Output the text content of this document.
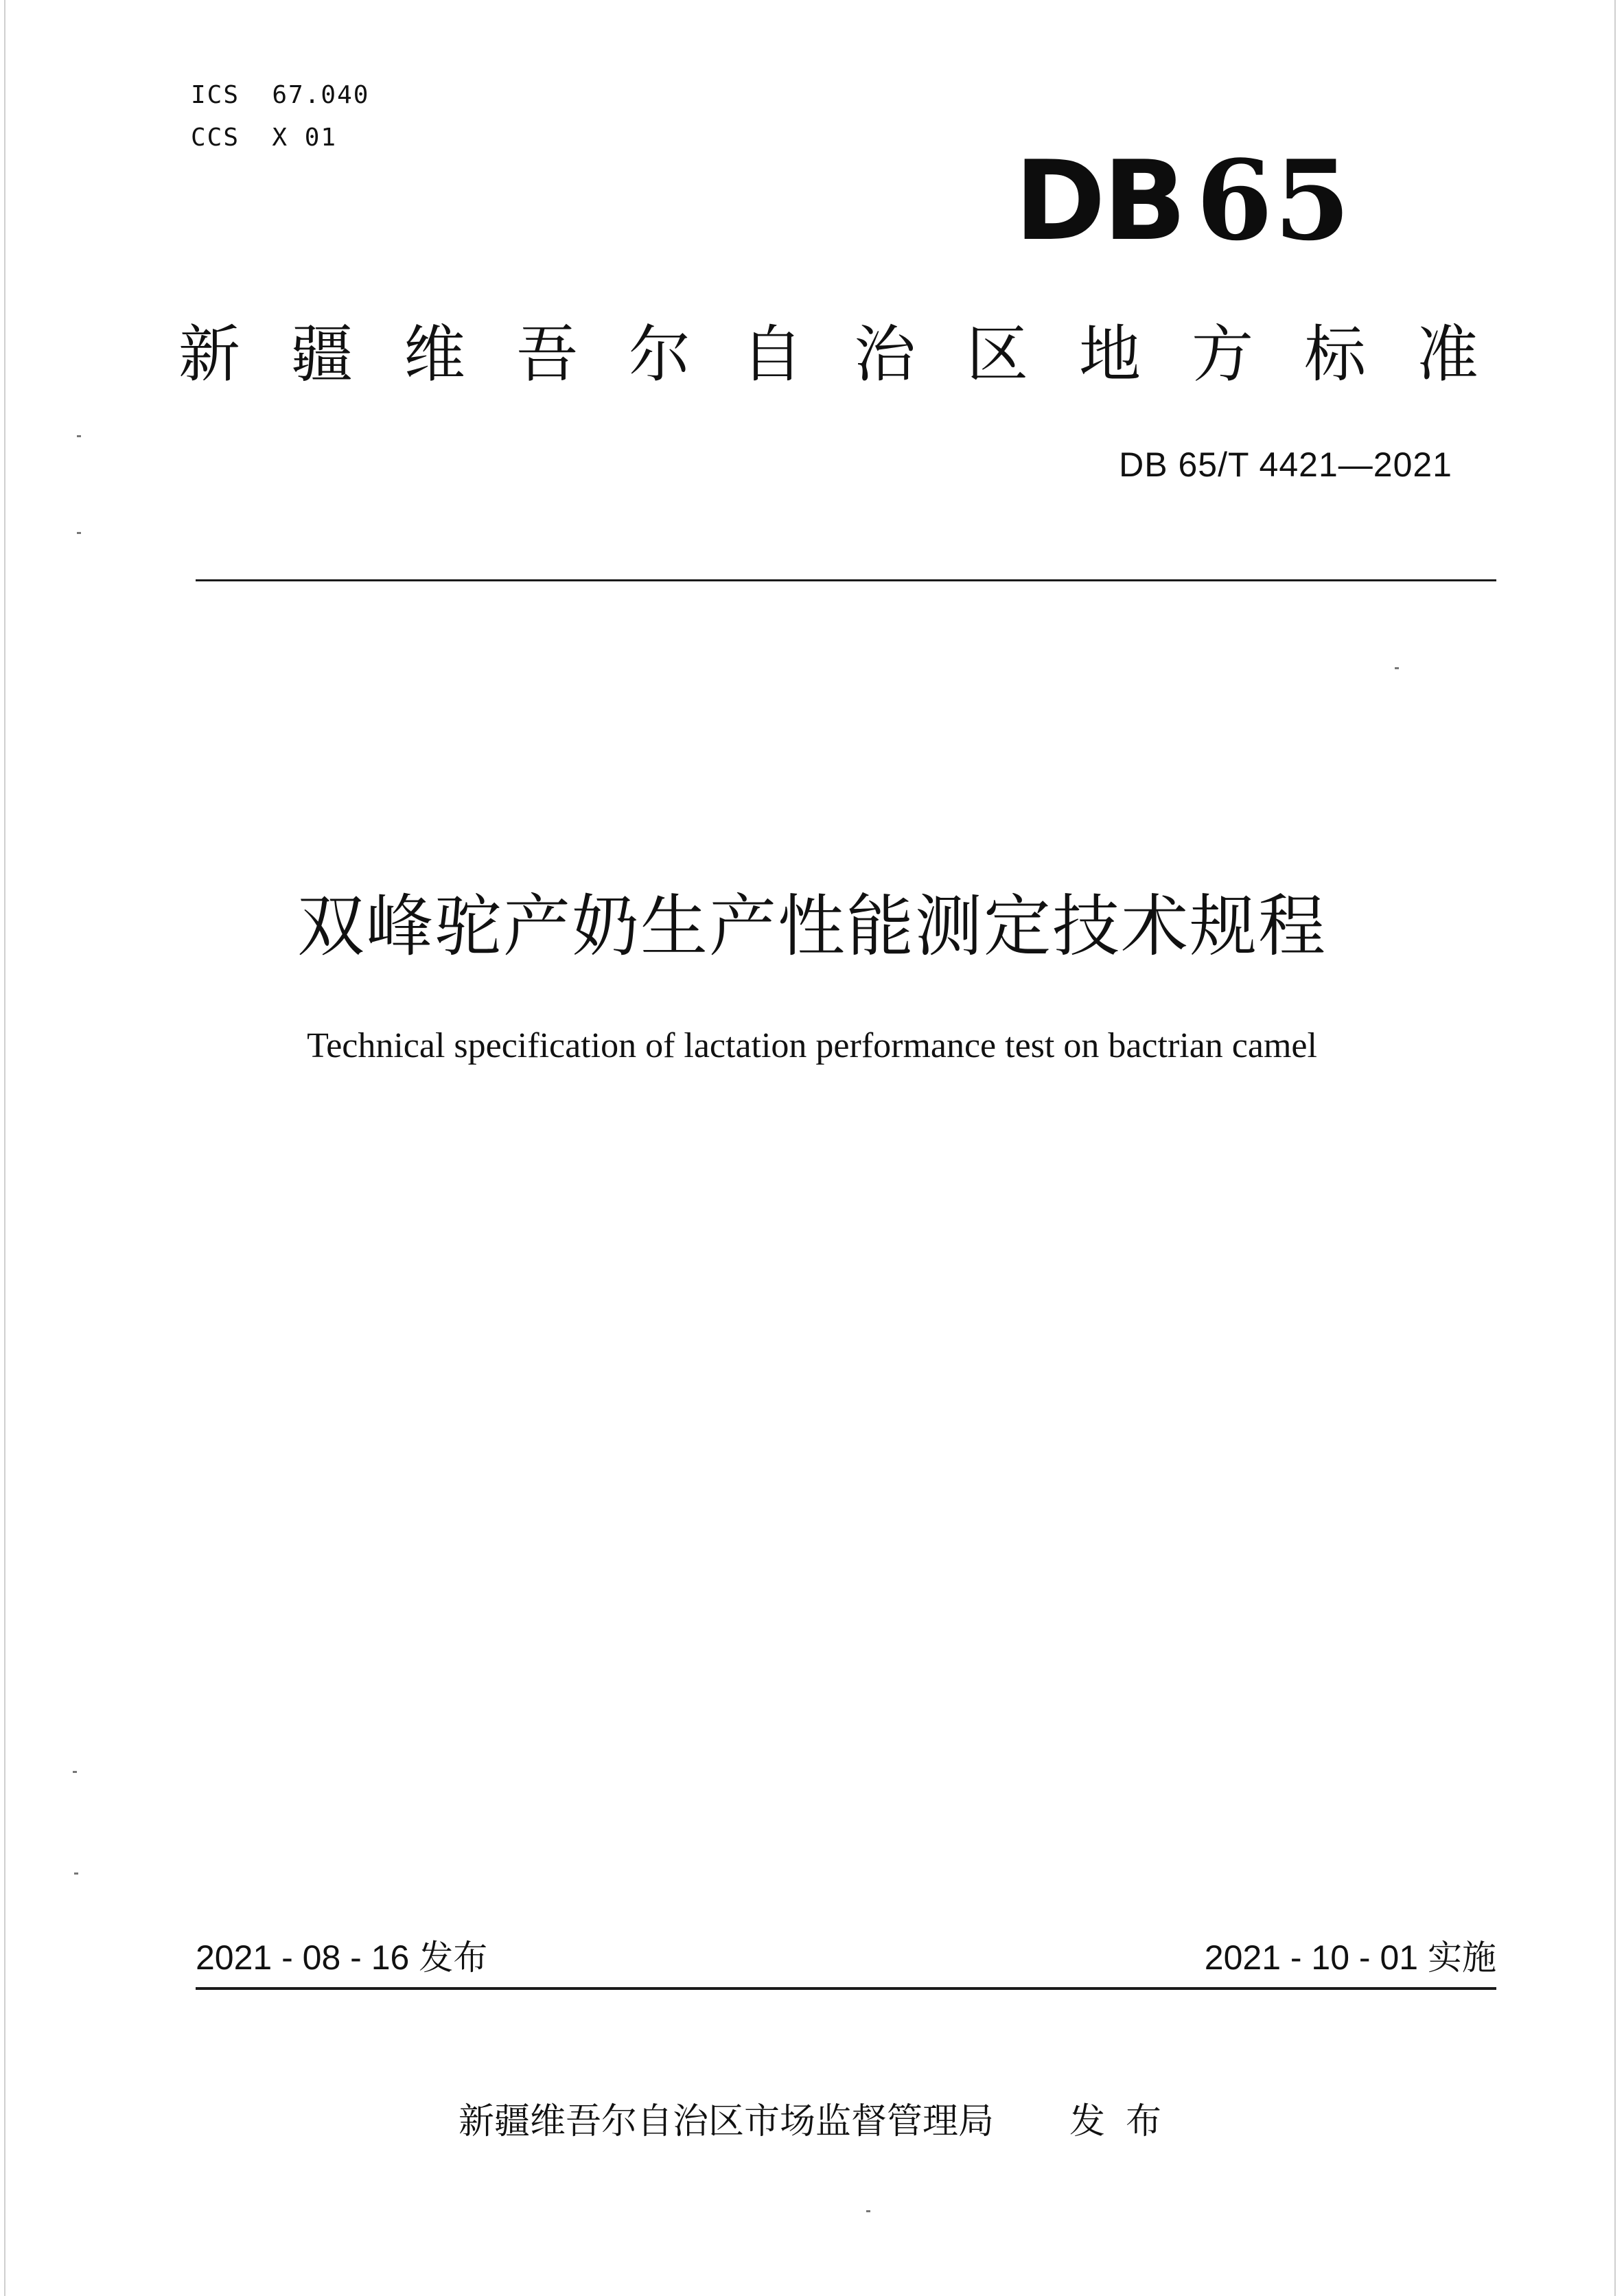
ICS  67.040
CCS  X 01	DB 65
新疆维吾尔自治区地方标准
DB 65/T 4421—2021
双峰驼产奶生产性能测定技术规程
Technical specification of lactation performance test on bactrian camel
2021 - 08 - 16 发布	2021 - 10 - 01 实施
新疆维吾尔自治区市场监督管理局 发布
